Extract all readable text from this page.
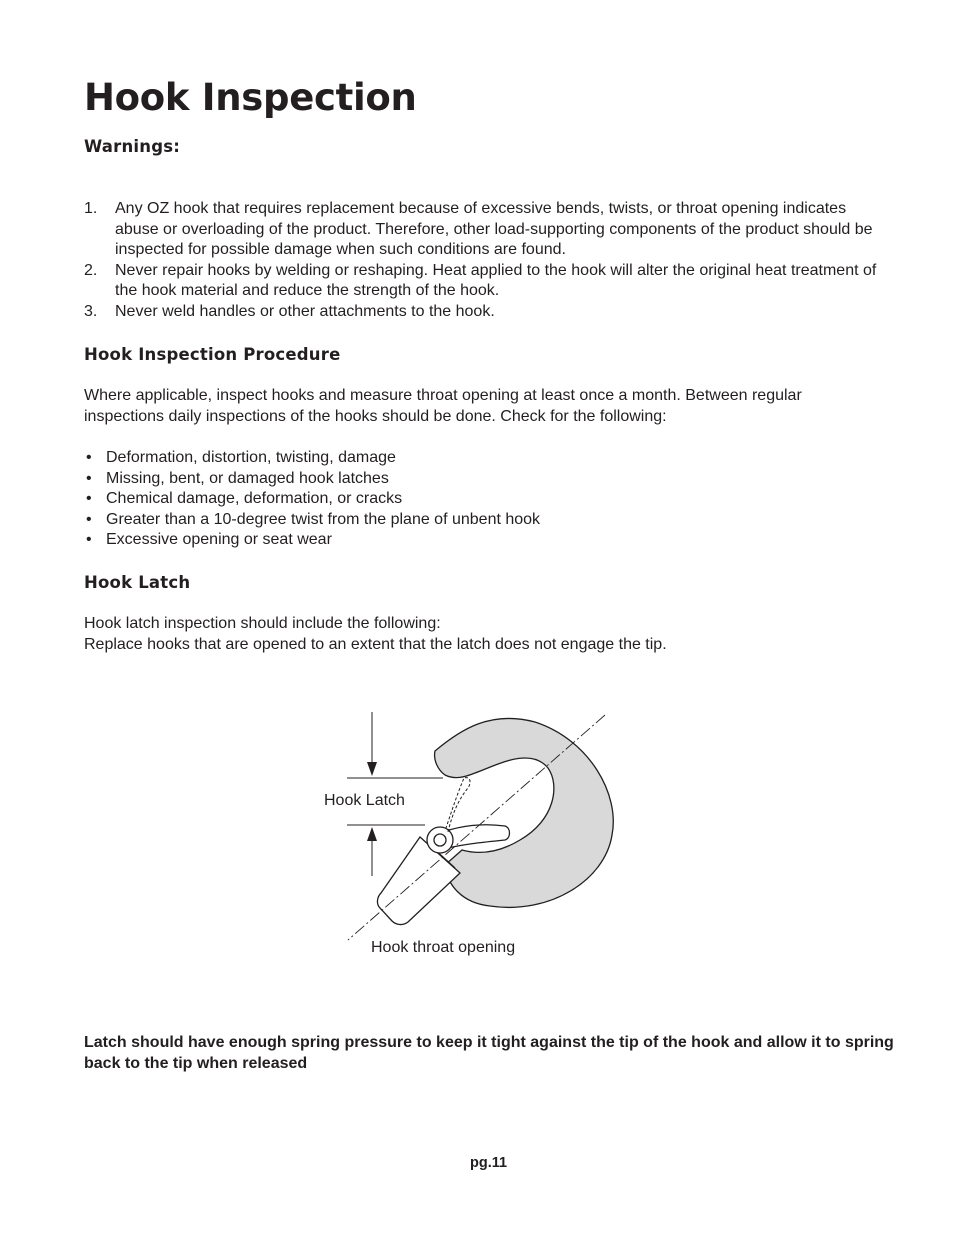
Hook Inspection
Warnings:
1. Any OZ hook that requires replacement because of excessive bends, twists, or throat opening indicates abuse or overloading of the product. Therefore, other load-supporting components of the product should be inspected for possible damage when such conditions are found.
2. Never repair hooks by welding or reshaping. Heat applied to the hook will alter the original heat treatment of the hook material and reduce the strength of the hook.
3. Never weld handles or other attachments to the hook.
Hook Inspection Procedure

Where applicable, inspect hooks and measure throat opening at least once a month. Between regular inspections daily inspections of the hooks should be done. Check for the following:

• Deformation, distortion, twisting, damage
• Missing, bent, or damaged hook latches
• Chemical damage, deformation, or cracks
• Greater than a 10-degree twist from the plane of unbent hook
• Excessive opening or seat wear
Hook Latch

Hook latch inspection should include the following:

Replace hooks that are opened to an extent that the latch does not engage the tip.

Latch should have enough spring pressure to keep it tight against the tip of the hook and allow it to spring back to the tip when released

Hook Latch
Hook throat opening
pg.11
